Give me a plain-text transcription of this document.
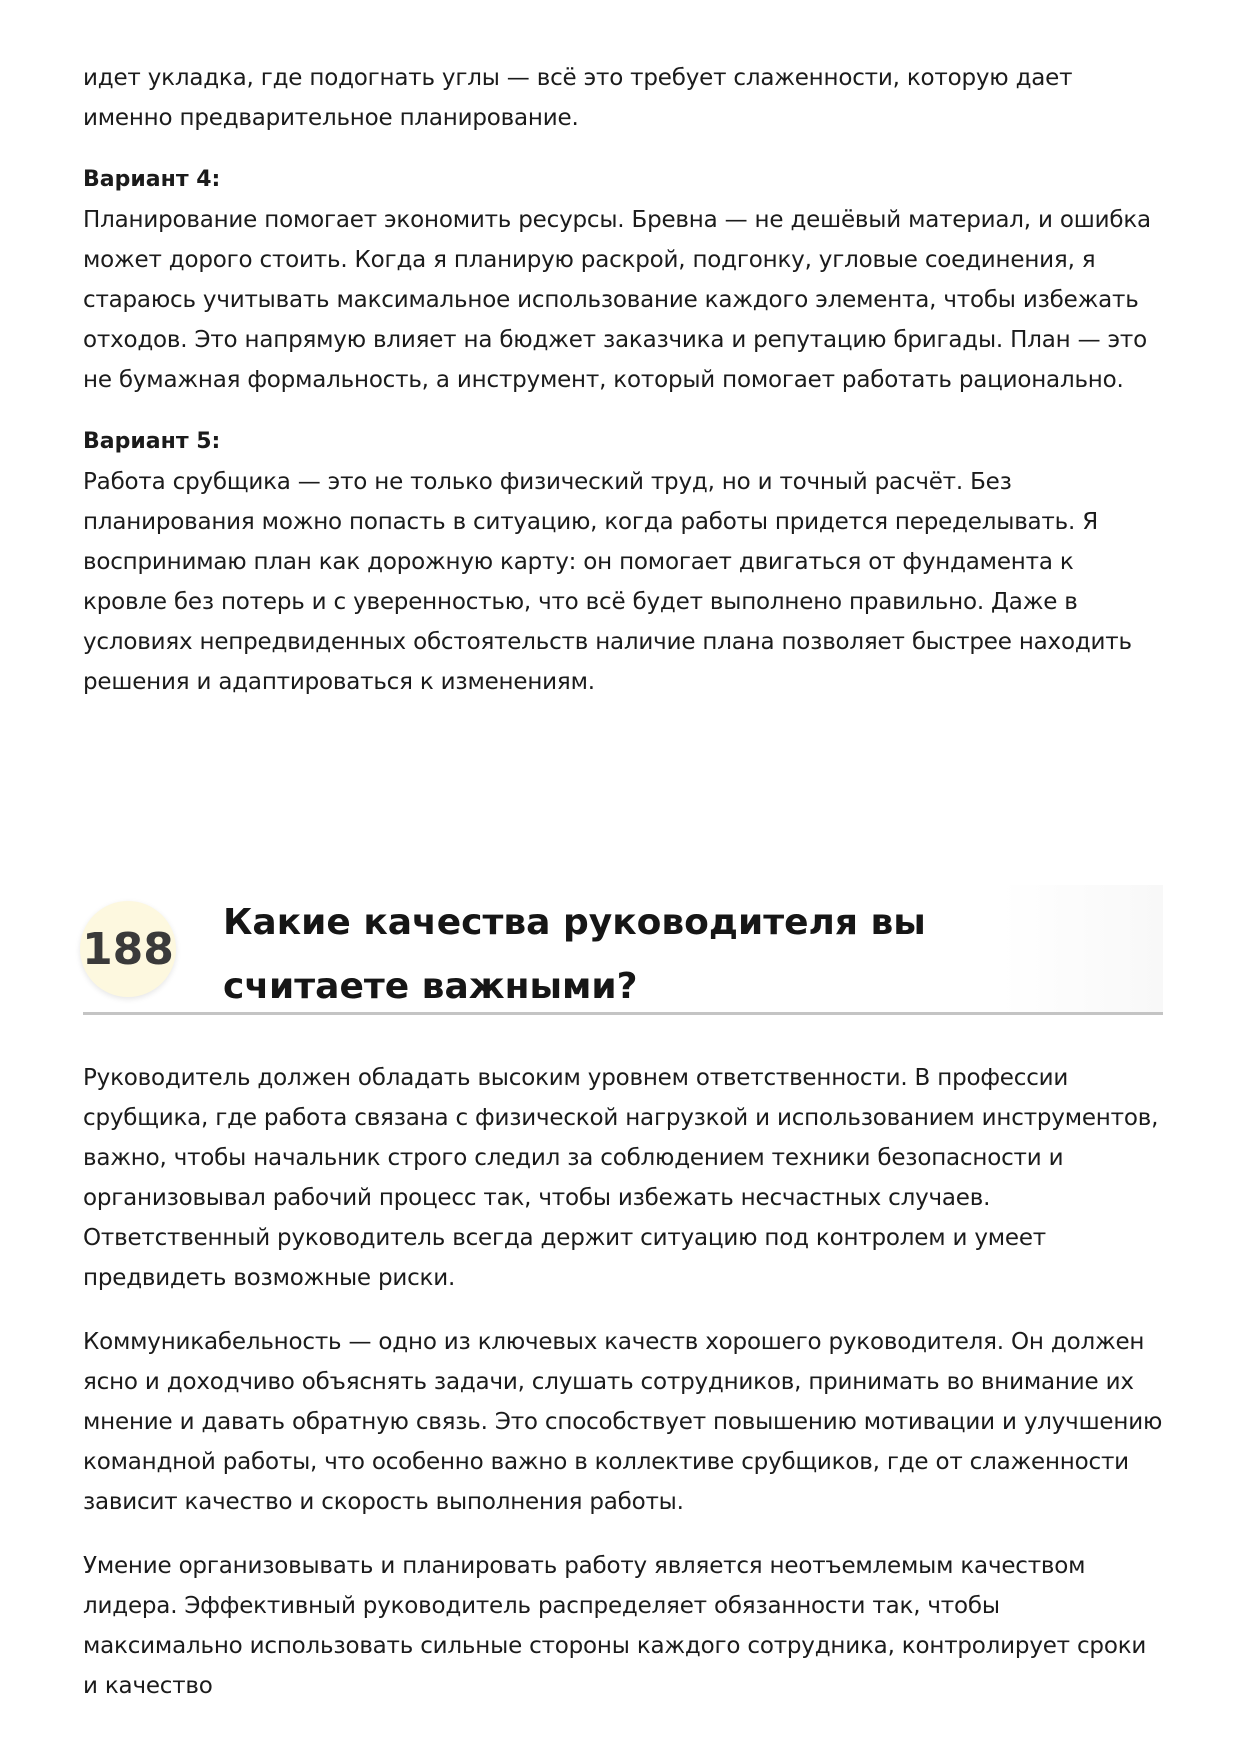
идет укладка, где подогнать углы — всё это требует слаженности, которую дает именно предварительное планирование.

Вариант 4:

Планирование помогает экономить ресурсы. Бревна — не дешёвый материал, и ошибка может дорого стоить. Когда я планирую раскрой, подгонку, угловые соединения, я стараюсь учитывать максимальное использование каждого элемента, чтобы избежать отходов. Это напрямую влияет на бюджет заказчика и репутацию бригады. План — это не бумажная формальность, а инструмент, который помогает работать рационально.

Вариант 5:

Работа срубщика — это не только физический труд, но и точный расчёт. Без планирования можно попасть в ситуацию, когда работы придется переделывать. Я воспринимаю план как дорожную карту: он помогает двигаться от фундамента к кровле без потерь и с уверенностью, что всё будет выполнено правильно. Даже в условиях непредвиденных обстоятельств наличие плана позволяет быстрее находить решения и адаптироваться к изменениям.

188
Какие качества руководителя вы считаете важными?

Руководитель должен обладать высоким уровнем ответственности. В профессии срубщика, где работа связана с физической нагрузкой и использованием инструментов, важно, чтобы начальник строго следил за соблюдением техники безопасности и организовывал рабочий процесс так, чтобы избежать несчастных случаев. Ответственный руководитель всегда держит ситуацию под контролем и умеет предвидеть возможные риски.

Коммуникабельность — одно из ключевых качеств хорошего руководителя. Он должен ясно и доходчиво объяснять задачи, слушать сотрудников, принимать во внимание их мнение и давать обратную связь. Это способствует повышению мотивации и улучшению командной работы, что особенно важно в коллективе срубщиков, где от слаженности зависит качество и скорость выполнения работы.

Умение организовывать и планировать работу является неотъемлемым качеством лидера. Эффективный руководитель распределяет обязанности так, чтобы максимально использовать сильные стороны каждого сотрудника, контролирует сроки и качество
